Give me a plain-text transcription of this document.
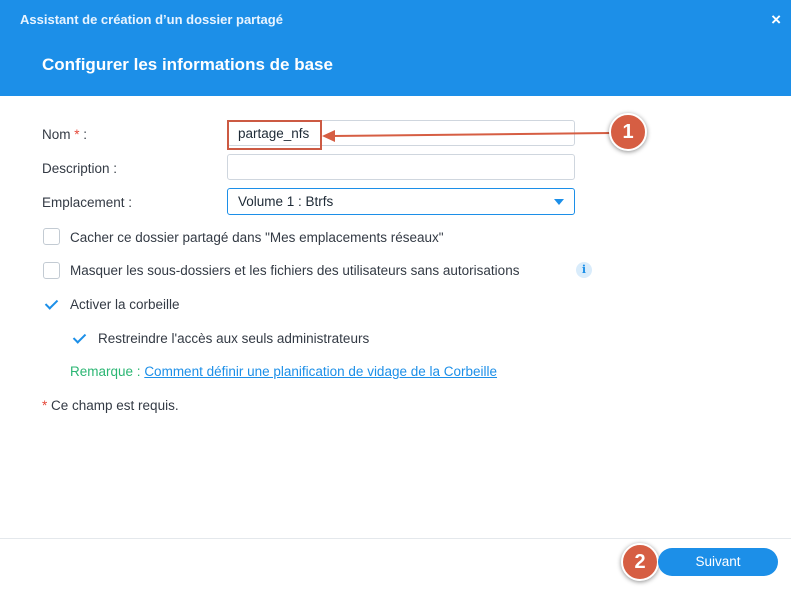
Assistant de création d’un dossier partagé	×
Configurer les informations de base
Nom * :	partage_nfs	1
Description :
Emplacement :	Volume 1 : Btrfs
Cacher ce dossier partagé dans "Mes emplacements réseaux"
Masquer les sous-dossiers et les fichiers des utilisateurs sans autorisations	i
Activer la corbeille
Restreindre l'accès aux seuls administrateurs
Remarque : Comment définir une planification de vidage de la Corbeille
* Ce champ est requis.
2	Suivant
